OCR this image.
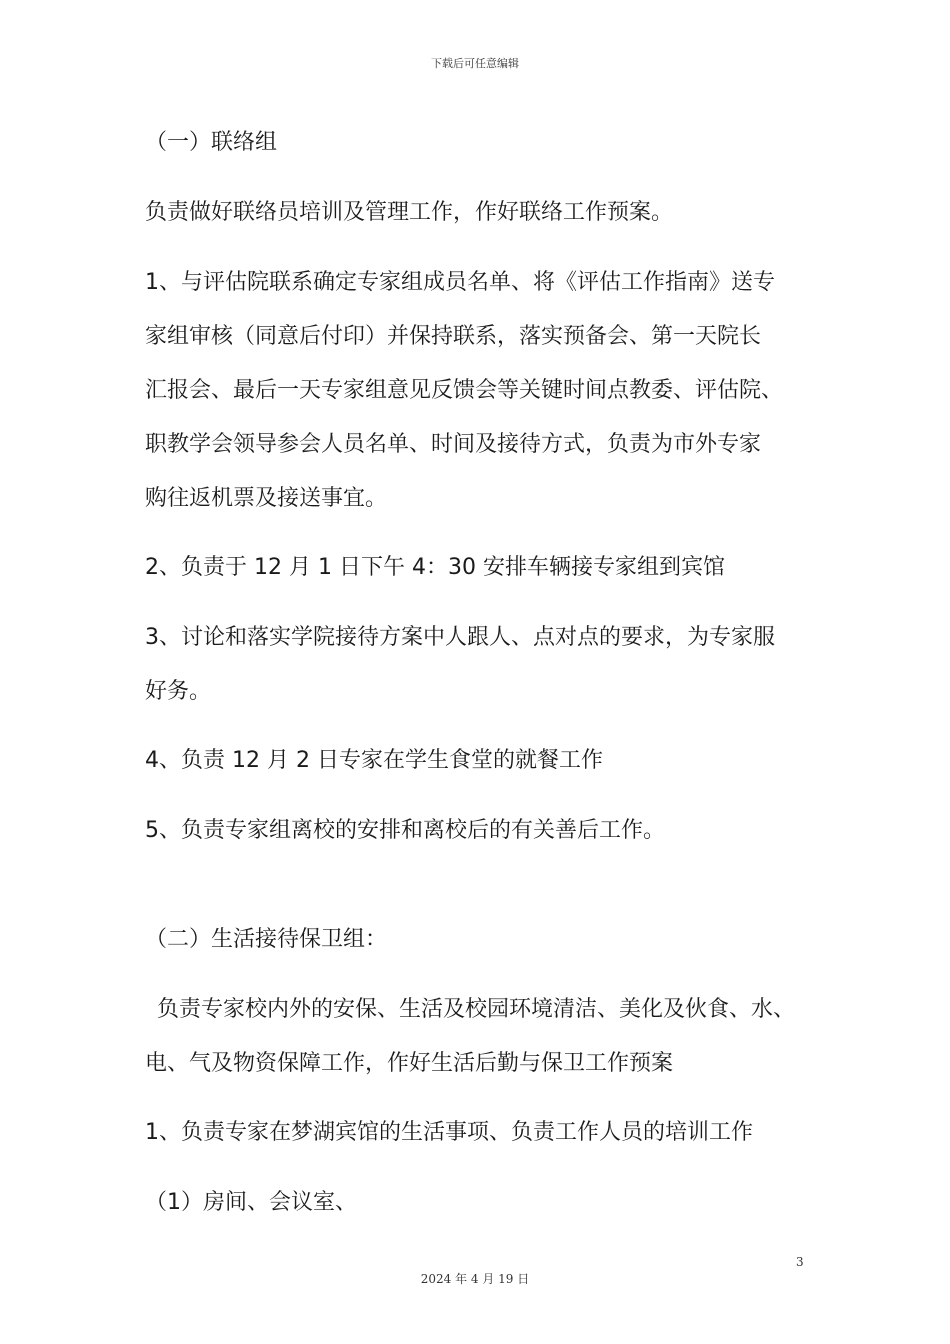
下载后可任意编辑
（一）联络组
负责做好联络员培训及管理工作，作好联络工作预案。
1、与评估院联系确定专家组成员名单、将《评估工作指南》送专
家组审核（同意后付印）并保持联系，落实预备会、第一天院长
汇报会、最后一天专家组意见反馈会等关键时间点教委、评估院、
职教学会领导参会人员名单、时间及接待方式，负责为市外专家
购往返机票及接送事宜。
2、负责于 12 月 1 日下午 4：30 安排车辆接专家组到宾馆
3、讨论和落实学院接待方案中人跟人、点对点的要求，为专家服
好务。
4、负责 12 月 2 日专家在学生食堂的就餐工作
5、负责专家组离校的安排和离校后的有关善后工作。
（二）生活接待保卫组：
负责专家校内外的安保、生活及校园环境清洁、美化及伙食、水、
电、气及物资保障工作，作好生活后勤与保卫工作预案
1、负责专家在梦湖宾馆的生活事项、负责工作人员的培训工作
（1）房间、会议室、
3
2024 年 4 月 19 日
